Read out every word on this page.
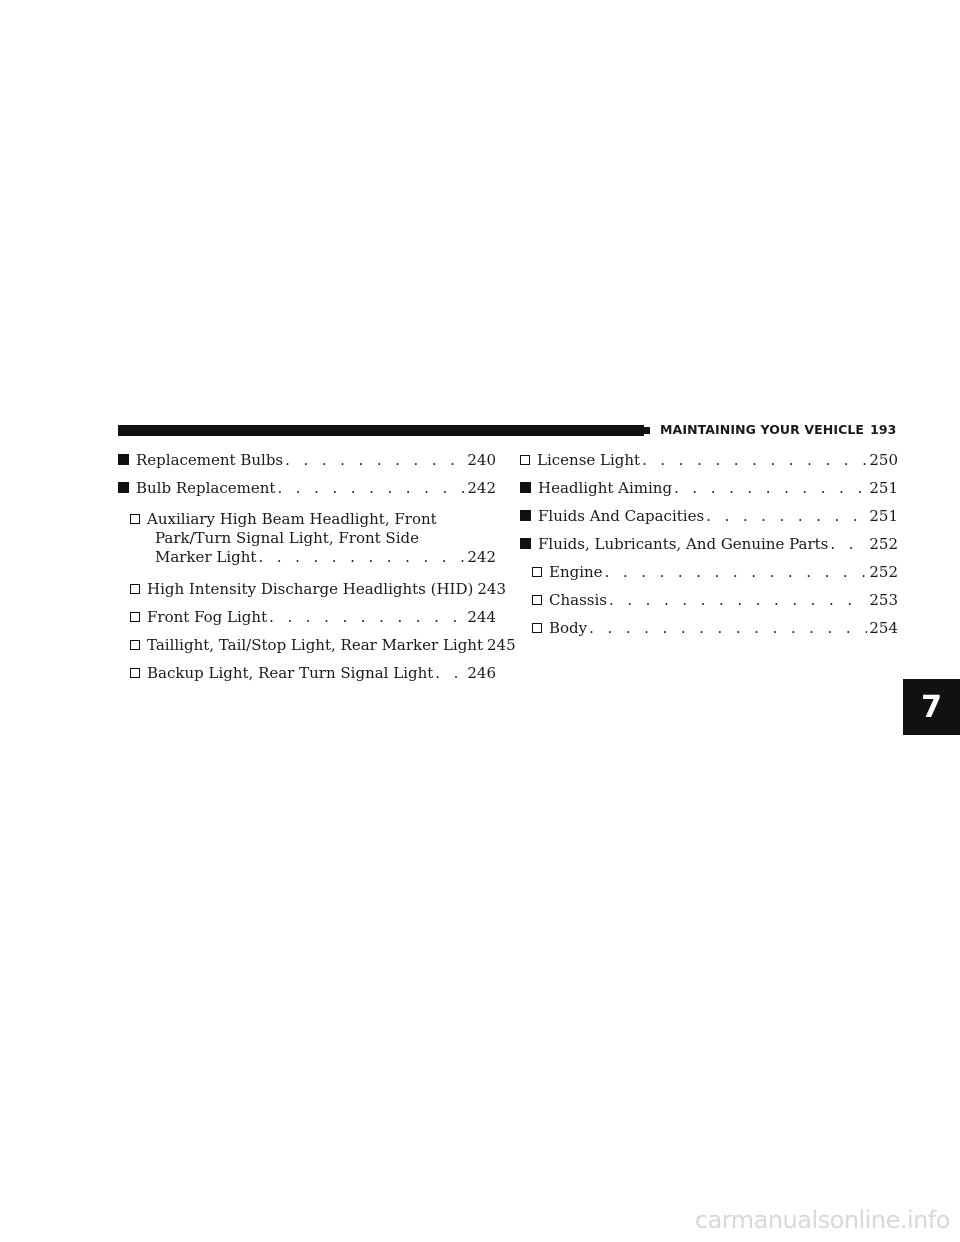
MAINTAINING YOUR VEHICLE 193
Replacement Bulbs . . .	240
Bulb Replacement . . .	242
Auxiliary High Beam Headlight, Front
Park/Turn Signal Light, Front Side
Marker Light . . .	242
High Intensity Discharge Headlights (HID) 243
Front Fog Light . . .	244
Taillight, Tail/Stop Light, Rear Marker Light 245
Backup Light, Rear Turn Signal Light . . . 246
License Light . . .	250
Headlight Aiming . . .	251
Fluids And Capacities . . .	251
Fluids, Lubricants, And Genuine Parts . . .	252
Engine . . .	252
Chassis . . .	253
Body . . .	254
7
carmanualsonline.info
